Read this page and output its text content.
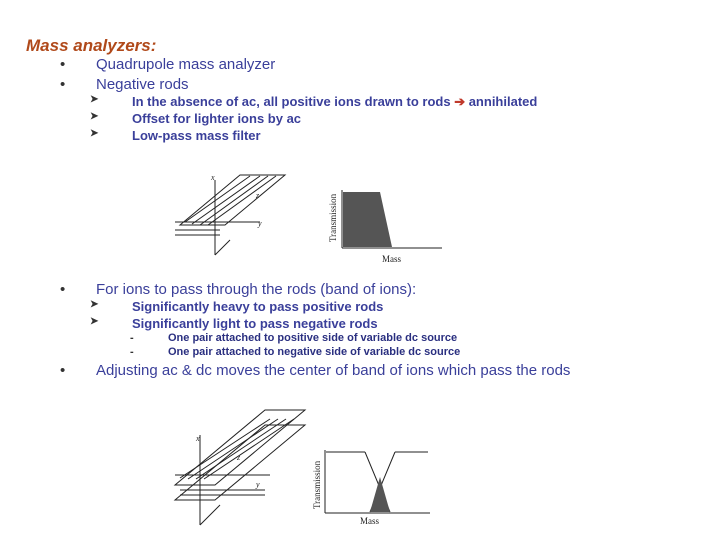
Mass analyzers:
• Quadrupole mass analyzer
• Negative rods
➤	In the absence of ac, all positive ions drawn to rods ➔ annihilated
➤	Offset for lighter ions by ac
➤	Low-pass mass filter
x
y
z	Transmission
Mass
• For ions to pass through the rods (band of ions):
➤	Significantly heavy to pass positive rods
➤	Significantly light to pass negative rods
-	One pair attached to positive side of variable dc source
-	One pair attached to negative side of variable dc source
• Adjusting ac & dc moves the center of band of ions which pass the rods
x
y
z
Transmission
Mass
